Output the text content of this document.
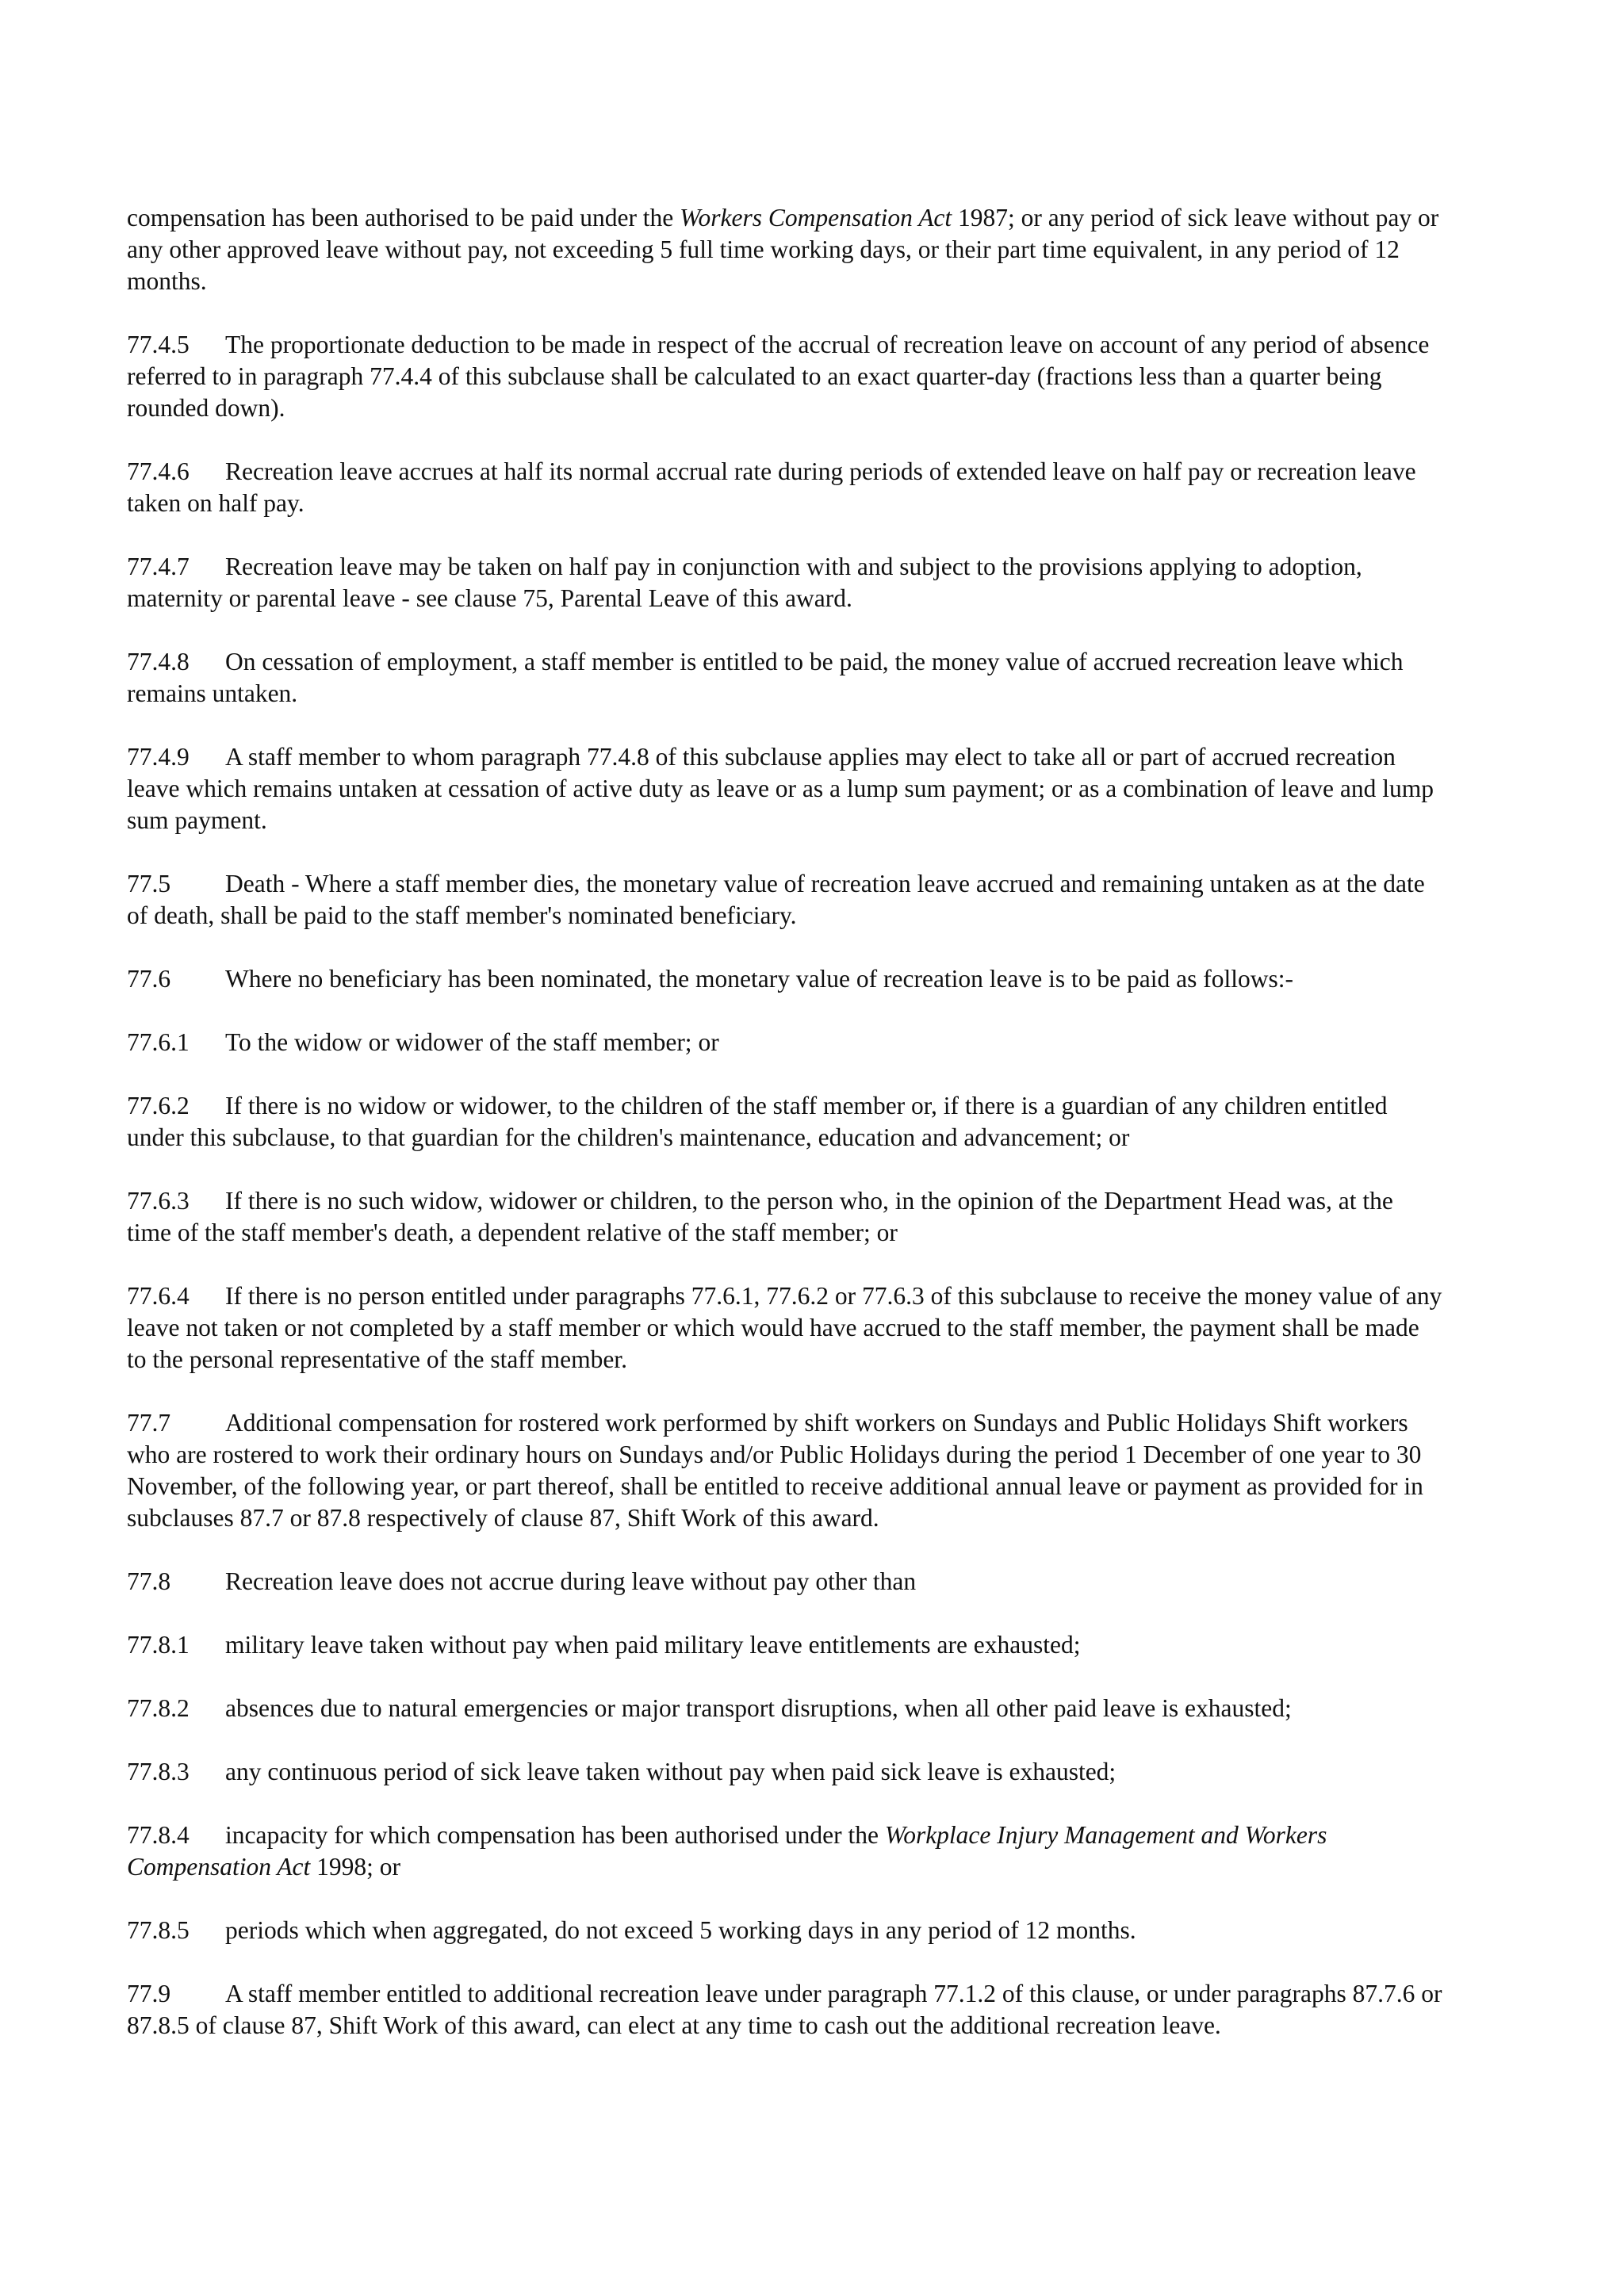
compensation has been authorised to be paid under the Workers Compensation Act 1987; or any period of sick leave without pay or any other approved leave without pay, not exceeding 5 full time working days, or their part time equivalent, in any period of 12 months.

77.4.5 The proportionate deduction to be made in respect of the accrual of recreation leave on account of any period of absence referred to in paragraph 77.4.4 of this subclause shall be calculated to an exact quarter-day (fractions less than a quarter being rounded down).

77.4.6 Recreation leave accrues at half its normal accrual rate during periods of extended leave on half pay or recreation leave taken on half pay.

77.4.7 Recreation leave may be taken on half pay in conjunction with and subject to the provisions applying to adoption, maternity or parental leave - see clause 75, Parental Leave of this award.

77.4.8 On cessation of employment, a staff member is entitled to be paid, the money value of accrued recreation leave which remains untaken.

77.4.9 A staff member to whom paragraph 77.4.8 of this subclause applies may elect to take all or part of accrued recreation leave which remains untaken at cessation of active duty as leave or as a lump sum payment; or as a combination of leave and lump sum payment.

77.5 Death - Where a staff member dies, the monetary value of recreation leave accrued and remaining untaken as at the date of death, shall be paid to the staff member's nominated beneficiary.

77.6 Where no beneficiary has been nominated, the monetary value of recreation leave is to be paid as follows:-

77.6.1 To the widow or widower of the staff member; or

77.6.2 If there is no widow or widower, to the children of the staff member or, if there is a guardian of any children entitled under this subclause, to that guardian for the children's maintenance, education and advancement; or

77.6.3 If there is no such widow, widower or children, to the person who, in the opinion of the Department Head was, at the time of the staff member's death, a dependent relative of the staff member; or

77.6.4 If there is no person entitled under paragraphs 77.6.1, 77.6.2 or 77.6.3 of this subclause to receive the money value of any leave not taken or not completed by a staff member or which would have accrued to the staff member, the payment shall be made to the personal representative of the staff member.

77.7 Additional compensation for rostered work performed by shift workers on Sundays and Public Holidays Shift workers who are rostered to work their ordinary hours on Sundays and/or Public Holidays during the period 1 December of one year to 30 November, of the following year, or part thereof, shall be entitled to receive additional annual leave or payment as provided for in subclauses 87.7 or 87.8 respectively of clause 87, Shift Work of this award.

77.8 Recreation leave does not accrue during leave without pay other than

77.8.1 military leave taken without pay when paid military leave entitlements are exhausted;

77.8.2 absences due to natural emergencies or major transport disruptions, when all other paid leave is exhausted;

77.8.3 any continuous period of sick leave taken without pay when paid sick leave is exhausted;

77.8.4 incapacity for which compensation has been authorised under the Workplace Injury Management and Workers Compensation Act 1998; or

77.8.5 periods which when aggregated, do not exceed 5 working days in any period of 12 months.

77.9 A staff member entitled to additional recreation leave under paragraph 77.1.2 of this clause, or under paragraphs 87.7.6 or 87.8.5 of clause 87, Shift Work of this award, can elect at any time to cash out the additional recreation leave.
